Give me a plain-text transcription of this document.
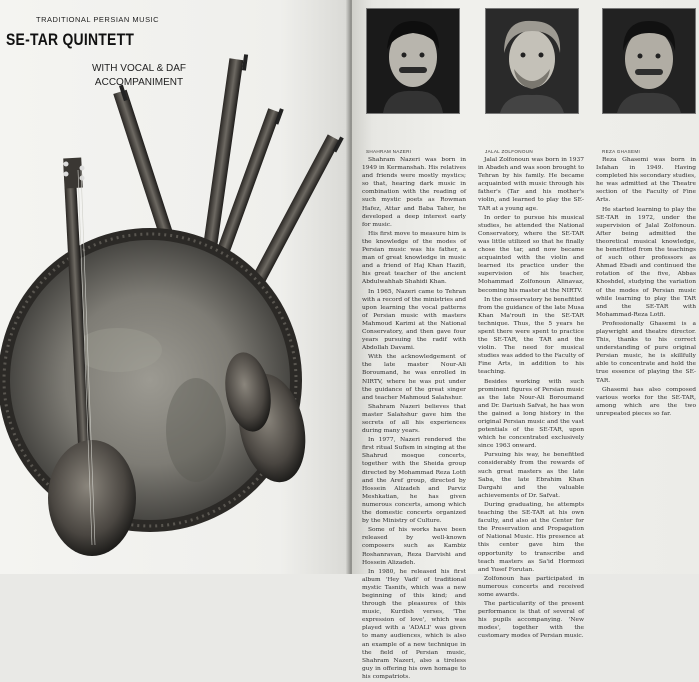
TRADITIONAL PERSIAN MUSIC
SE-TAR QUINTETT
WITH VOCAL & DAF
ACCOMPANIMENT
SHAHRAM NAZERI

Shahram Nazeri was born in 1949 in Kermanshah. His relatives and friends were mostly mystics; so that, hearing dark music in combination with the reading of such mystic poets as Rowman Hafez, Attar and Baba Taher, he developed a deep interest early for music.

His first move to measure him is the knowledge of the modes of Persian music was his father, a man of great knowledge in music and a friend of Haj Khan Hazifi, his great teacher of the ancient Abdulwahhab Shahidi Khan.

In 1965, Nazeri came to Tehran with a record of the ministries and upon learning the vocal patterns of Persian music with masters Mahmoud Karimi at the National Conservatory, and then gave four years pursuing the radif with Abdollah Davami.

With the acknowledgement of the late master Nour-Ali Boroumand, he was enrolled in NIRTV, where he was put under the guidance of the great singer and teacher Mahmoud Salahshur.

Shahram Nazeri believes that master Salahshur gave him the secrets of all his experiences during many years.

In 1977, Nazeri rendered the first ritual Sufism in singing at the Shahrud mosque concerts, together with the Sheida group directed by Mohammad Reza Lotfi and the Aref group, directed by Hossein Alizadeh and Parviz Meshkatian, he has given numerous concerts, among which the domestic concerts organized by the Ministry of Culture.

Some of his works have been released by well-known composers such as Kambiz Roshanravan, Reza Darvishi and Hossein Alizadeh.

In 1980, he released his first album 'Hey Vadi' of traditional mystic Tasnifs, which was a new beginning of this kind; and through the pleasures of this music, Kurdish verses, 'The expression of love', which was played with a 'ADALI' was given to many audiences, which is also an example of a new technique in the field of Persian music, Shahram Nazeri, also a tireless guy in offering his own homage to his compatriots.

JALAL ZOLFONOUN

Jalal Zolfonoun was born in 1937 in Abadeh and was soon brought to Tehran by his family. He became acquainted with music through his father's (Tar and his mother's violin, and learned to play the SE-TAR at a young age.

In order to pursue his musical studies, he attended the National Conservatory, where the SE-TAR was little utilized so that he finally chose the tar, and now became acquainted with the violin and learned its practice under the supervision of his teacher, Mohammad Zolfonoun Alinavaz, becoming his master at the NIRTV.

In the conservatory he benefitted from the guidance of the late Musa Khan Ma'roufi in the SE-TAR technique. Thus, the 5 years he spent there were spent to practice the SE-TAR, the TAR and the violin. The need for musical studies was added to the Faculty of Fine Arts, in addition to his teaching.

Besides working with such prominent figures of Persian music as the late Nour-Ali Boroumand and Dr. Dariush Safvat, he has won the gained a long history in the original Persian music and the vast potentials of the SE-TAR, upon which he concentrated exclusively since 1963 onward.

Pursuing his way, he benefitted considerably from the rewards of such great masters as the late Saba, the late Ebrahim Khan Dargahi and the valuable achievements of Dr. Safvat.

During graduating, he attempts teaching the SE-TAR at his own faculty, and also at the Center for the Preservation and Propagation of National Music. His presence at this center gave him the opportunity to transcribe and teach masters as Sa'id Hormozi and Yusef Forutan.

Zolfonoun has participated in numerous concerts and received some awards.

The particularity of the present performance is that of several of his pupils accompanying. 'New modes', together with the customary modes of Persian music.

REZA GHASEMI

Reza Ghasemi was born in Isfahan in 1949. Having completed his secondary studies, he was admitted at the Theatre section of the Faculty of Fine Arts.

He started learning to play the SE-TAR in 1972, under the supervision of Jalal Zolfonoun. After being admitted the theoretical musical knowledge, he benefitted from the teachings of such other professors as Ahmad Ebadi and continued the rotation of the five, Abbas Khoshdel, studying the variation of the modes of Persian music while learning to play the TAR and the SE-TAR with Mohammad-Reza Lotfi.

Professionally Ghasemi is a playwright and theatre director. This, thanks to his correct understanding of pure original Persian music, he is skillfully able to concentrate and hold the true essence of playing the SE-TAR.

Ghasemi has also composed various works for the SE-TAR, among which are the two unrepeated pieces so far.
